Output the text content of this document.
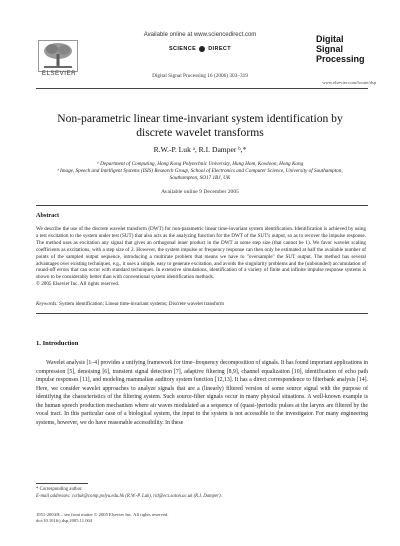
ELSEVIER
Available online at www.sciencedirect.com
SCIENCE DIRECT
Digital Signal Processing 16 (2006) 303–319
Digital
Signal
Processing
www.elsevier.com/locate/dsp
Non-parametric linear time-invariant system identification by
discrete wavelet transforms
R.W.-P. Luk ᵃ, R.I. Damper ᵇ,*
ᵃ Department of Computing, Hong Kong Polytechnic University, Hung Hom, Kowloon, Hong Kong
ᵇ Image, Speech and Intelligent Systems (ISIS) Research Group, School of Electronics and Computer Science, University of Southampton,
Southampton, SO17 1BJ, UK
Available online 9 December 2005
Abstract

We describe the use of the discrete wavelet transform (DWT) for non-parametric linear time-invariant system identification. Identification is achieved by using a test excitation to the system under test (SUT) that also acts as the analyzing function for the DWT of the SUT's output, so as to recover the impulse response. The method uses as excitation any signal that gives an orthogonal inner product in the DWT at some step size (that cannot be 1). We favor wavelet scaling coefficients as excitations, with a step size of 2. However, the system impulse or frequency response can then only be estimated at half the available number of points of the sampled output sequence, introducing a multirate problem that means we have to "oversample" the SUT output. The method has several advantages over existing techniques, e.g., it uses a simple, easy to generate excitation, and avoids the singularity problems and the (unbounded) accumulation of round-off errors that can occur with standard techniques. In extensive simulations, identification of a variety of finite and infinite impulse response systems is shown to be considerably better than with conventional system identification methods.

© 2005 Elsevier Inc. All rights reserved.

Keywords: System identification; Linear time-invariant systems; Discrete wavelet transform
1. Introduction

Wavelet analysis [1–4] provides a unifying framework for time–frequency decomposition of signals. It has found important applications in compression [5], denoising [6], transient signal detection [7], adaptive filtering [8,9], channel equalization [10], identification of echo path impulse responses [11], and modeling mammalian auditory system function [12,13]. It has a direct correspondence to filterbank analysis [14]. Here, we consider wavelet approaches to analyze signals that are a (linearly) filtered version of some source signal with the purpose of identifying the characteristics of the filtering system. Such source-filter signals occur in many physical situations. A well-known example is the human speech production mechanism where air waves modulated as a sequence of (quasi-)periodic pulses at the larynx are filtered by the vocal tract. In this particular case of a biological system, the input to the system is not accessible to the investigator. For many engineering systems, however, we do have reasonable accessibility. In these

* Corresponding author.
E-mail addresses: csrluk@comp.polyu.edu.hk (R.W.-P. Luk), rid@ecs.soton.ac.uk (R.I. Damper).
1051-2004/$ – see front matter © 2005 Elsevier Inc. All rights reserved.
doi:10.1016/j.dsp.2005.11.004
